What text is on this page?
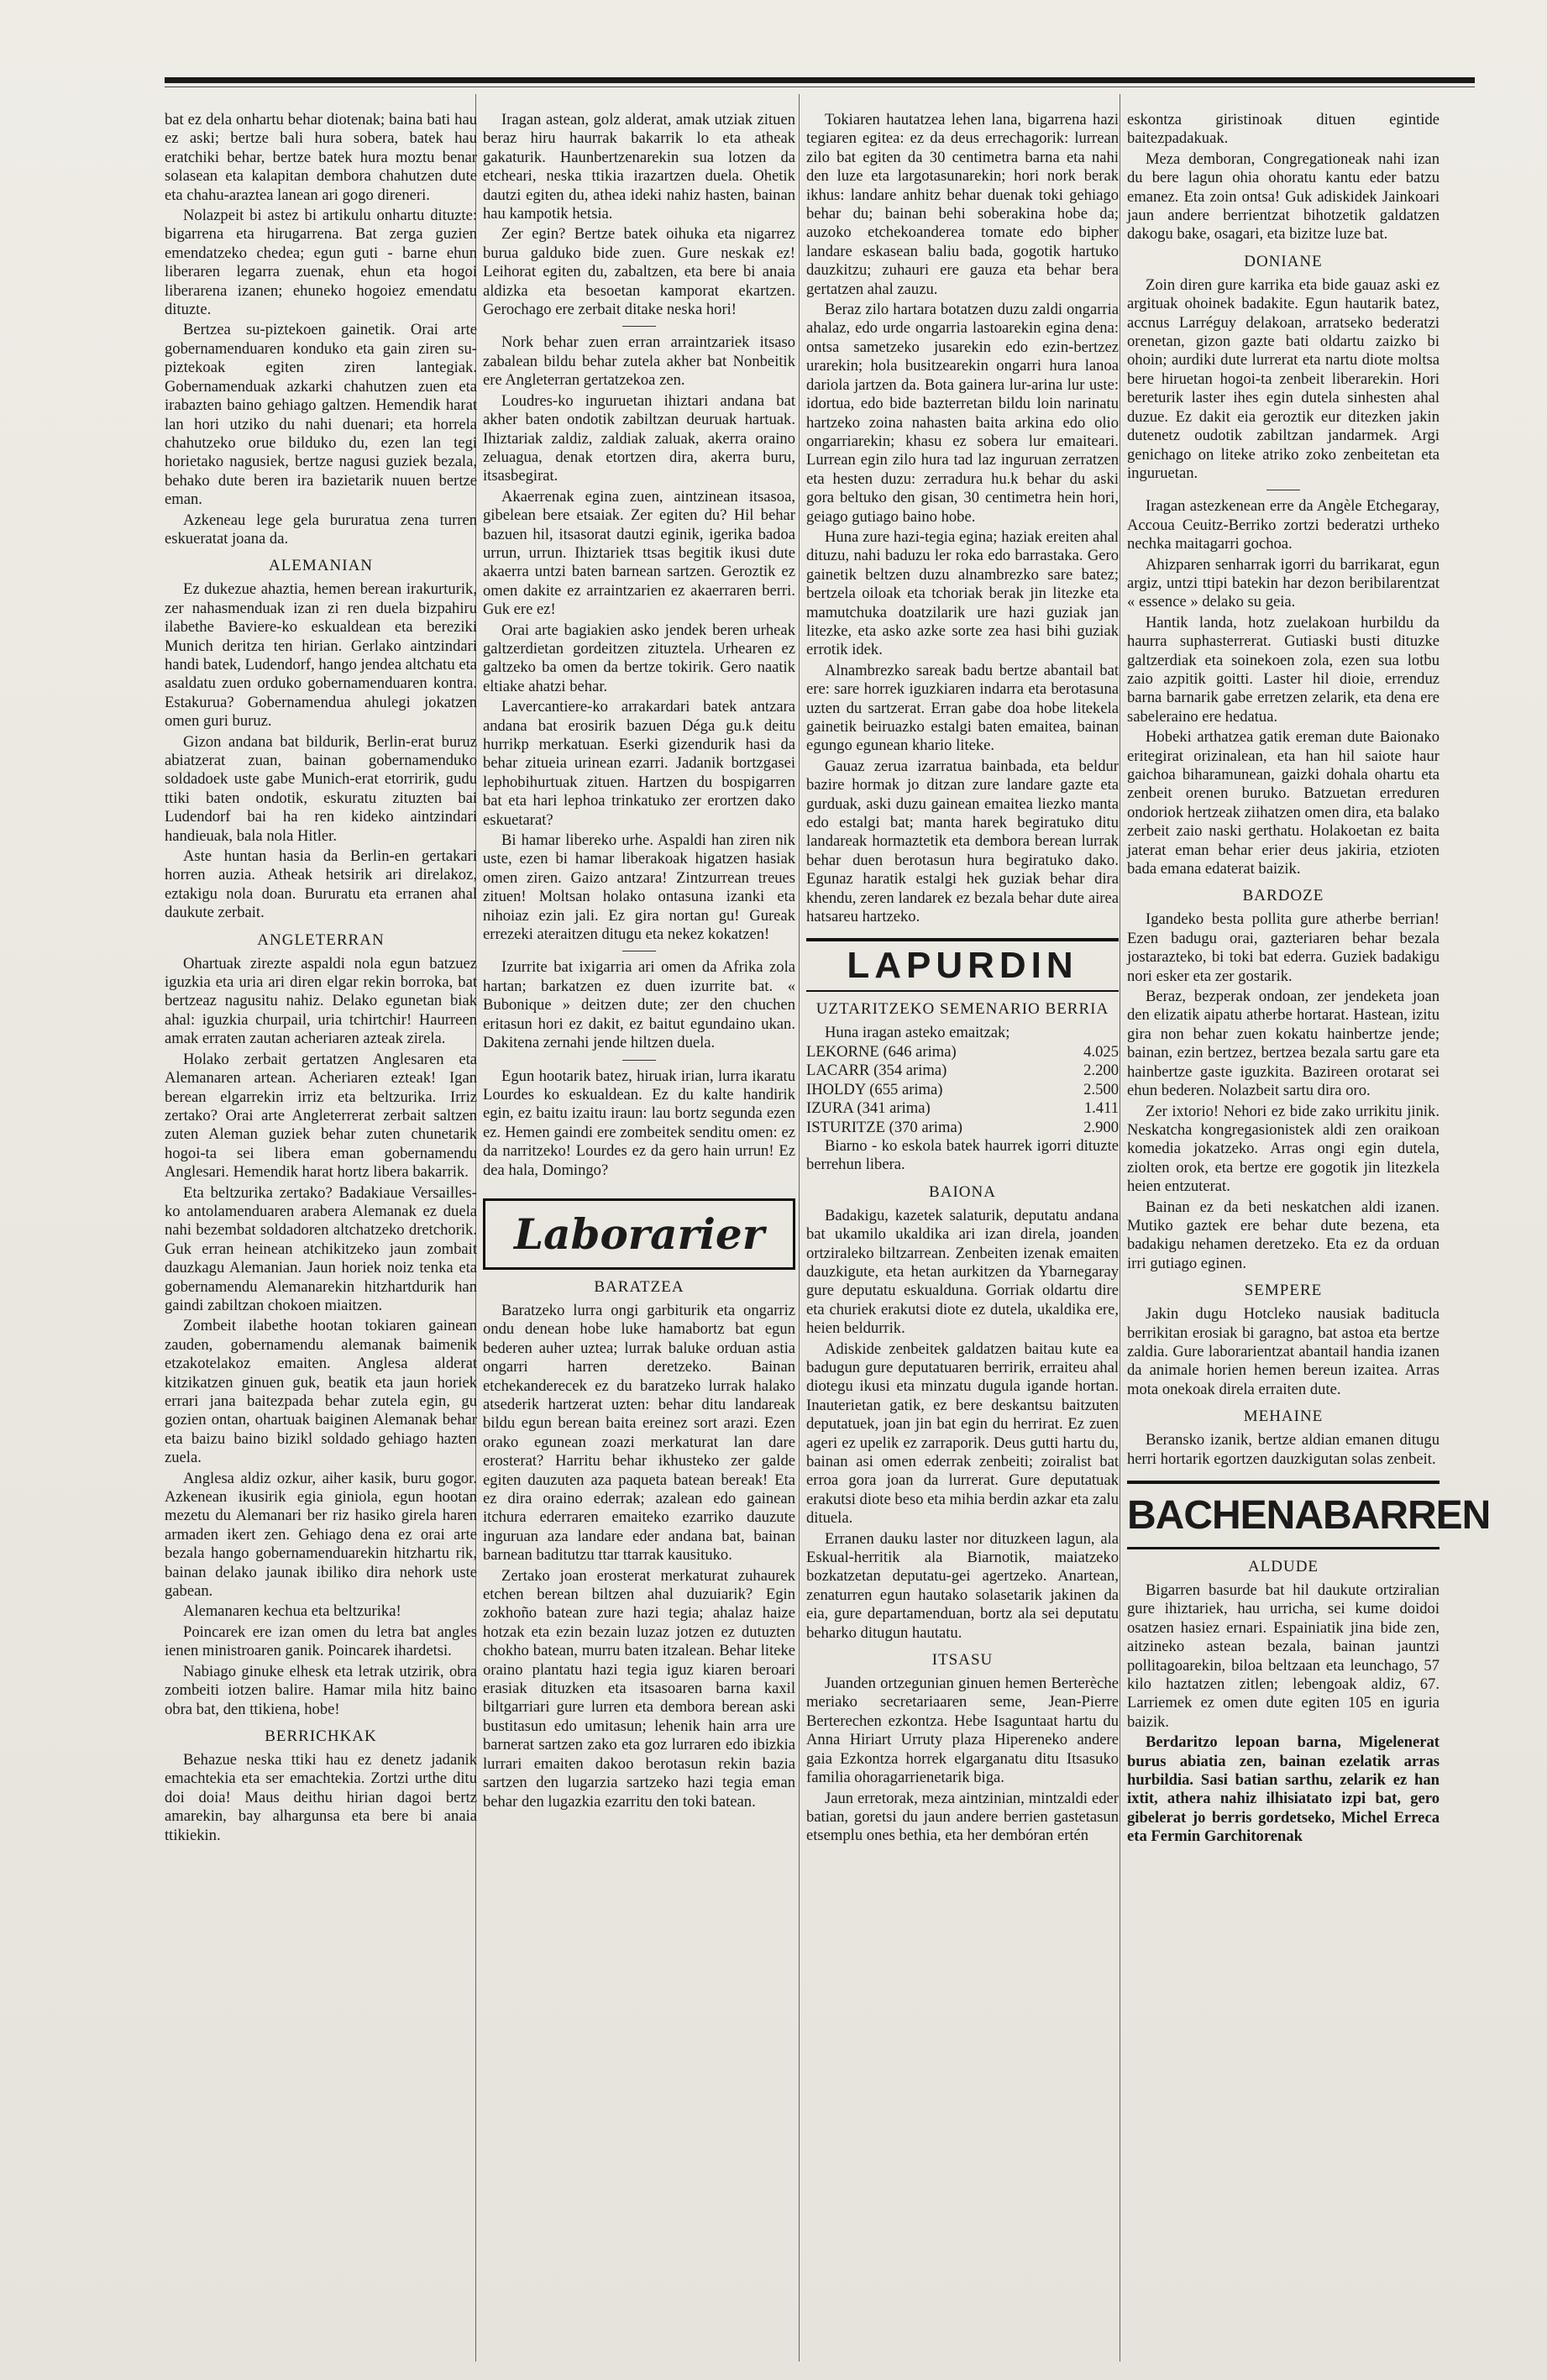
bat ez dela onhartu behar diotenak; baina bati hau ez aski; bertze bali hura sobera, batek hau eratchiki behar, bertze batek hura moztu benar solasean eta kalapitan dembora chahutzen dute eta chahu-araztea lanean ari gogo direneri.

Nolazpeit bi astez bi artikulu onhartu dituzte: bigarrena eta hirugarrena. Bat zerga guzien emendatzeko chedea; egun guti - barne ehun liberaren legarra zuenak, ehun eta hogoi liberarena izanen; ehuneko hogoiez emendatu dituzte.

Bertzea su-piztekoen gainetik. Orai arte gobernamenduaren konduko eta gain ziren su-piztekoak egiten ziren lantegiak. Gobernamenduak azkarki chahutzen zuen eta irabazten baino gehiago galtzen. Hemendik harat lan hori utziko du nahi duenari; eta horrela chahutzeko orue bilduko du, ezen lan tegi horietako nagusiek, bertze nagusi guziek bezala, behako dute beren ira bazietarik nuuen bertze eman.

Azkeneau lege gela bururatua zena turren eskueratat joana da.

ALEMANIAN

Ez dukezue ahaztia, hemen berean irakurturik, zer nahasmenduak izan zi ren duela bizpahiru ilabethe Baviere-ko eskualdean eta bereziki Munich deritza ten hirian. Gerlako aintzindari handi batek, Ludendorf, hango jendea altchatu eta asaldatu zuen orduko gobernamenduaren kontra. Estakurua? Gobernamendua ahulegi jokatzen omen guri buruz.

Gizon andana bat bildurik, Berlin-erat buruz abiatzerat zuan, bainan gobernamenduko soldadoek uste gabe Munich-erat etorririk, gudu ttiki baten ondotik, eskuratu zituzten bai Ludendorf bai ha ren kideko aintzindari handieuak, bala nola Hitler.

Aste huntan hasia da Berlin-en gertakari horren auzia. Atheak hetsirik ari direlakoz, eztakigu nola doan. Bururatu eta erranen ahal daukute zerbait.

ANGLETERRAN

Ohartuak zirezte aspaldi nola egun batzuez iguzkia eta uria ari diren elgar rekin borroka, bat bertzeaz nagusitu nahiz. Delako egunetan biak ahal: iguzkia churpail, uria tchirtchir! Haurreen amak erraten zautan acheriaren azteak zirela.

Holako zerbait gertatzen Anglesaren eta Alemanaren artean. Acheriaren ezteak! Igan berean elgarrekin irriz eta beltzurika. Irriz zertako? Orai arte Angleterrerat zerbait saltzen zuten Aleman guziek behar zuten chunetarik hogoi-ta sei libera eman gobernamendu Anglesari. Hemendik harat hortz libera bakarrik.

Eta beltzurika zertako? Badakiaue Versailles-ko antolamenduaren arabera Alemanak ez duela nahi bezembat soldadoren altchatzeko dretchorik. Guk erran heinean atchikitzeko jaun zombait dauzkagu Alemanian. Jaun horiek noiz tenka eta gobernamendu Alemanarekin hitzhartdurik han gaindi zabiltzan chokoen miaitzen.

Zombeit ilabethe hootan tokiaren gainean zauden, gobernamendu alemanak baimenik etzakotelakoz emaiten. Anglesa alderat kitzikatzen ginuen guk, beatik eta jaun horiek errari jana baitezpada behar zutela egin, gu gozien ontan, ohartuak baiginen Alemanak behar eta baizu baino bizikl soldado gehiago hazten zuela.

Anglesa aldiz ozkur, aiher kasik, buru gogor. Azkenean ikusirik egia giniola, egun hootan mezetu du Alemanari ber riz hasiko girela haren armaden ikert zen. Gehiago dena ez orai arte bezala hango gobernamenduarekin hitzhartu rik, bainan delako jaunak ibiliko dira nehork uste gabean.

Alemanaren kechua eta beltzurika!

Poincarek ere izan omen du letra bat angles ienen ministroaren ganik. Poincarek ihardetsi.

Nabiago ginuke elhesk eta letrak utzirik, obra zombeiti iotzen balire. Hamar mila hitz baino obra bat, den ttikiena, hobe!

BERRICHKAK

Behazue neska ttiki hau ez denetz jadanik emachtekia eta ser emachtekia. Zortzi urthe ditu doi doia! Maus deithu hirian dagoi bertz amarekin, bay alhargunsa eta bere bi anaia ttikiekin.

Iragan astean, golz alderat, amak utziak zituen beraz hiru haurrak bakarrik lo eta atheak gakaturik. Haunbertzenarekin sua lotzen da etcheari, neska ttikia irazartzen duela. Ohetik dautzi egiten du, athea ideki nahiz hasten, bainan hau kampotik hetsia.

Zer egin? Bertze batek oihuka eta nigarrez burua galduko bide zuen. Gure neskak ez! Leihorat egiten du, zabaltzen, eta bere bi anaia aldizka eta besoetan kamporat ekartzen. Gerochago ere zerbait ditake neska hori!

Nork behar zuen erran arraintzariek itsaso zabalean bildu behar zutela akher bat Nonbeitik ere Angleterran gertatzekoa zen.

Loudres-ko inguruetan ihiztari andana bat akher baten ondotik zabiltzan deuruak hartuak. Ihiztariak zaldiz, zaldiak zaluak, akerra oraino zeluagua, denak etortzen dira, akerra buru, itsasbegirat.

Akaerrenak egina zuen, aintzinean itsasoa, gibelean bere etsaiak. Zer egiten du? Hil behar bazuen hil, itsasorat dautzi eginik, igerika badoa urrun, urrun. Ihiztariek ttsas begitik ikusi dute akaerra untzi baten barnean sartzen. Geroztik ez omen dakite ez arraintzarien ez akaerraren berri. Guk ere ez!

Orai arte bagiakien asko jendek beren urheak galtzerdietan gordeitzen zituztela. Urhearen ez galtzeko ba omen da bertze tokirik. Gero naatik eltiake ahatzi behar.

Lavercantiere-ko arrakardari batek antzara andana bat erosirik bazuen Déga gu.k deitu hurrikp merkatuan. Eserki gizendurik hasi da behar zitueia urinean ezarri. Jadanik bortzgasei lephobihurtuak zituen. Hartzen du bospigarren bat eta hari lephoa trinkatuko zer erortzen dako eskuetarat?

Bi hamar libereko urhe. Aspaldi han ziren nik uste, ezen bi hamar liberakoak higatzen hasiak omen ziren. Gaizo antzara! Zintzurrean treues zituen! Moltsan holako ontasuna izanki eta nihoiaz ezin jali. Ez gira nortan gu! Gureak errezeki ateraitzen ditugu eta nekez kokatzen!

Izurrite bat ixigarria ari omen da Afrika zola hartan; barkatzen ez duen izurrite bat. « Bubonique » deitzen dute; zer den chuchen eritasun hori ez dakit, ez baitut egundaino ukan. Dakitena zernahi jende hiltzen duela.

Egun hootarik batez, hiruak irian, lurra ikaratu Lourdes ko eskualdean. Ez du kalte handirik egin, ez baitu izaitu iraun: lau bortz segunda ezen ez. Hemen gaindi ere zombeitek senditu omen: ez da narritzeko! Lourdes ez da gero hain urrun! Ez dea hala, Domingo?

Laborarier
BARATZEA

Baratzeko lurra ongi garbiturik eta ongarriz ondu denean hobe luke hamabortz bat egun bederen auher uztea; lurrak baluke orduan astia ongarri harren deretzeko. Bainan etchekanderecek ez du baratzeko lurrak halako atsederik hartzerat uzten: behar ditu landareak bildu egun berean baita ereinez sort arazi. Ezen orako egunean zoazi merkaturat lan dare erosterat? Harritu behar ikhusteko zer galde egiten dauzuten aza paqueta batean bereak! Eta ez dira oraino ederrak; azalean edo gainean itchura ederraren emaiteko ezarriko dauzute inguruan aza landare eder andana bat, bainan barnean baditutzu ttar ttarrak kausituko.

Zertako joan erosterat merkaturat zuhaurek etchen berean biltzen ahal duzuiarik? Egin zokhoño batean zure hazi tegia; ahalaz haize hotzak eta ezin bezain luzaz jotzen ez dutuzten chokho batean, murru baten itzalean. Behar liteke oraino plantatu hazi tegia iguz kiaren beroari erasiak dituzken eta itsasoaren barna kaxil biltgarriari gure lurren eta dembora berean aski bustitasun edo umitasun; lehenik hain arra ure barnerat sartzen zako eta goz lurraren edo ibizkia lurrari emaiten dakoo berotasun rekin bazia sartzen den lugarzia sartzeko hazi tegia eman behar den lugazkia ezarritu den toki batean.

Tokiaren hautatzea lehen lana, bigarrena hazi tegiaren egitea: ez da deus errechagorik: lurrean zilo bat egiten da 30 centimetra barna eta nahi den luze eta largotasunarekin; hori nork berak ikhus: landare anhitz behar duenak toki gehiago behar du; bainan behi soberakina hobe da; auzoko etchekoanderea tomate edo bipher landare eskasean baliu bada, gogotik hartuko dauzkitzu; zuhauri ere gauza eta behar bera gertatzen ahal zauzu.

Beraz zilo hartara botatzen duzu zaldi ongarria ahalaz, edo urde ongarria lastoarekin egina dena: ontsa sametzeko jusarekin edo ezin-bertzez urarekin; hola busitzearekin ongarri hura lanoa dariola jartzen da. Bota gainera lur-arina lur uste: idortua, edo bide bazterretan bildu loin narinatu hartzeko zoina nahasten baita arkina edo olio ongarriarekin; khasu ez sobera lur emaiteari. Lurrean egin zilo hura tad laz inguruan zerratzen eta hesten duzu: zerradura hu.k behar du aski gora beltuko den gisan, 30 centimetra hein hori, geiago gutiago baino hobe.

Huna zure hazi-tegia egina; haziak ereiten ahal dituzu, nahi baduzu ler roka edo barrastaka. Gero gainetik beltzen duzu alnambrezko sare batez; bertzela oiloak eta tchoriak berak jin litezke eta mamutchuka doatzilarik ure hazi guziak jan litezke, eta asko azke sorte zea hasi bihi guziak errotik idek.

Alnambrezko sareak badu bertze abantail bat ere: sare horrek iguzkiaren indarra eta berotasuna uzten du sartzerat. Erran gabe doa hobe litekela gainetik beiruazko estalgi baten emaitea, bainan egungo egunean khario liteke.

Gauaz zerua izarratua bainbada, eta beldur bazire hormak jo ditzan zure landare gazte eta gurduak, aski duzu gainean emaitea liezko manta edo estalgi bat; manta harek begiratuko ditu landareak hormaztetik eta dembora berean lurrak behar duen berotasun hura begiratuko dako. Egunaz haratik estalgi hek guziak behar dira khendu, zeren landarek ez bezala behar dute airea hatsareu hartzeko.

LAPURDIN
UZTARITZEKO SEMENARIO BERRIA
Huna iragan asteko emaitzak;
LEKORNE (646 arima)	4.025
LACARR (354 arima)	2.200
IHOLDY (655 arima)	2.500
IZURA (341 arima)	1.411
ISTURITZE (370 arima)	2.900

Biarno - ko eskola batek haurrek igorri dituzte berrehun libera.

BAIONA

Badakigu, kazetek salaturik, deputatu andana bat ukamilo ukaldika ari izan direla, joanden ortziraleko biltzarrean. Zenbeiten izenak emaiten dauzkigute, eta hetan aurkitzen da Ybarnegaray gure deputatu eskualduna. Gorriak oldartu dire eta churiek erakutsi diote ez dutela, ukaldika ere, heien beldurrik.

Adiskide zenbeitek galdatzen baitau kute ea badugun gure deputatuaren berririk, erraiteu ahal diotegu ikusi eta minzatu dugula igande hortan. Inauterietan gatik, ez bere deskantsu baitzuten deputatuek, joan jin bat egin du herrirat. Ez zuen ageri ez upelik ez zarraporik. Deus gutti hartu du, bainan asi omen ederrak zenbeiti; zoiralist bat erroa gora joan da lurrerat. Gure deputatuak erakutsi diote beso eta mihia berdin azkar eta zalu dituela.

Erranen dauku laster nor dituzkeen lagun, ala Eskual-herritik ala Biarnotik, maiatzeko bozkatzetan deputatu-gei agertzeko. Anartean, zenaturren egun hautako solasetarik jakinen da eia, gure departamenduan, bortz ala sei deputatu beharko ditugun hautatu.

ITSASU

Juanden ortzegunian ginuen hemen Berterèche meriako secretariaaren seme, Jean-Pierre Berterechen ezkontza. Hebe Isaguntaat hartu du Anna Hiriart Urruty plaza Hipereneko andere gaia Ezkontza horrek elgarganatu ditu Itsasuko familia ohoragarrienetarik biga.

Jaun erretorak, meza aintzinian, mintzaldi eder batian, goretsi du jaun andere berrien gastetasun etsemplu ones bethia, eta her dembóran ertén

eskontza giristinoak dituen egintide baitezpadakuak.

Meza demboran, Congregationeak nahi izan du bere lagun ohia ohoratu kantu eder batzu emanez. Eta zoin ontsa! Guk adiskidek Jainkoari jaun andere berrientzat bihotzetik galdatzen dakogu bake, osagari, eta bizitze luze bat.

DONIANE

Zoin diren gure karrika eta bide gauaz aski ez argituak ohoinek badakite. Egun hautarik batez, accnus Larréguy delakoan, arratseko bederatzi orenetan, gizon gazte bati oldartu zaizko bi ohoin; aurdiki dute lurrerat eta nartu diote moltsa bere hiruetan hogoi-ta zenbeit liberarekin. Hori bereturik laster ihes egin dutela sinhesten ahal duzue. Ez dakit eia geroztik eur ditezken jakin dutenetz oudotik zabiltzan jandarmek. Argi genichago on liteke atriko zoko zenbeitetan eta inguruetan.

Iragan astezkenean erre da Angèle Etchegaray, Accoua Ceuitz-Berriko zortzi bederatzi urtheko nechka maitagarri gochoa.

Ahizparen senharrak igorri du barrikarat, egun argiz, untzi ttipi batekin har dezon beribilarentzat « essence » delako su geia.

Hantik landa, hotz zuelakoan hurbildu da haurra suphasterrerat. Gutiaski busti dituzke galtzerdiak eta soinekoen zola, ezen sua lotbu zaio azpitik goitti. Laster hil dioie, errenduz barna barnarik gabe erretzen zelarik, eta dena ere sabeleraino ere hedatua.

Hobeki arthatzea gatik ereman dute Baionako eritegirat orizinalean, eta han hil saiote haur gaichoa biharamunean, gaizki dohala ohartu eta zenbeit orenen buruko. Batzuetan erreduren ondoriok hertzeak ziihatzen omen dira, eta balako zerbeit zaio naski gerthatu. Holakoetan ez baita jaterat eman behar erier deus jakiria, etzioten bada emana edaterat baizik.

BARDOZE

Igandeko besta pollita gure atherbe berrian! Ezen badugu orai, gazteriaren behar bezala jostarazteko, bi toki bat ederra. Guziek badakigu nori esker eta zer gostarik.

Beraz, bezperak ondoan, zer jendeketa joan den elizatik aipatu atherbe hortarat. Hastean, izitu gira non behar zuen kokatu hainbertze jende; bainan, ezin bertzez, bertzea bezala sartu gare eta hainbertze gaste iguzkita. Bazireen orotarat sei ehun bederen. Nolazbeit sartu dira oro.

Zer ixtorio! Nehori ez bide zako urrikitu jinik. Neskatcha kongregasionistek aldi zen oraikoan komedia jokatzeko. Arras ongi egin dutela, ziolten orok, eta bertze ere gogotik jin litezkela heien entzuterat.

Bainan ez da beti neskatchen aldi izanen. Mutiko gaztek ere behar dute bezena, eta badakigu nehamen deretzeko. Eta ez da orduan irri gutiago eginen.

SEMPERE

Jakin dugu Hotcleko nausiak baditucla berrikitan erosiak bi garagno, bat astoa eta bertze zaldia. Gure laborarientzat abantail handia izanen da animale horien hemen bereun izaitea. Arras mota onekoak direla erraiten dute.

MEHAINE

Beransko izanik, bertze aldian emanen ditugu herri hortarik egortzen dauzkigutan solas zenbeit.

BACHENABARREN
ALDUDE

Bigarren basurde bat hil daukute ortziralian gure ihiztariek, hau urricha, sei kume doidoi osatzen hasiez ernari. Espainiatik jina bide zen, aitzineko astean bezala, bainan jauntzi pollitagoarekin, biloa beltzaan eta leunchago, 57 kilo haztatzen zitlen; lebengoak aldiz, 67. Larriemek ez omen dute egiten 105 en iguria baizik.

Berdaritzo lepoan barna, Migelenerat burus abiatia zen, bainan ezelatik arras hurbildia. Sasi batian sarthu, zelarik ez han ixtit, athera nahiz ilhisiatato izpi bat, gero gibelerat jo berris gordetseko, Michel Erreca eta Fermin Garchitorenak
